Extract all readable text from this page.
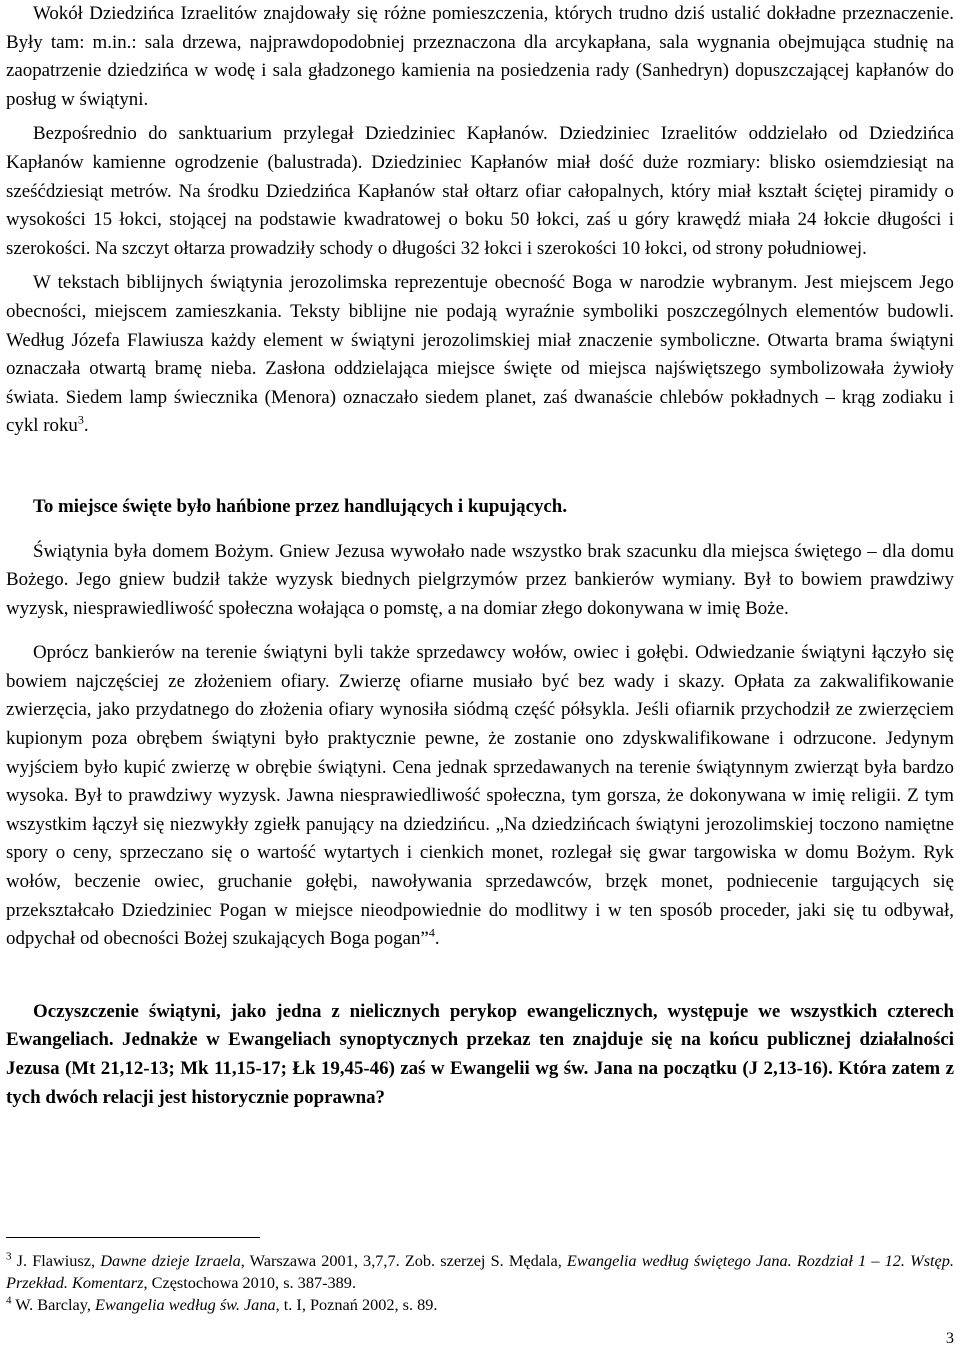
Wokół Dziedzińca Izraelitów znajdowały się różne pomieszczenia, których trudno dziś ustalić dokładne przeznaczenie. Były tam: m.in.: sala drzewa, najprawdopodobniej przeznaczona dla arcykapłana, sala wygnania obejmująca studnię na zaopatrzenie dziedzińca w wodę i sala gładzonego kamienia na posiedzenia rady (Sanhedryn) dopuszczającej kapłanów do posług w świątyni.

Bezpośrednio do sanktuarium przylegał Dziedziniec Kapłanów. Dziedziniec Izraelitów oddzielało od Dziedzińca Kapłanów kamienne ogrodzenie (balustrada). Dziedziniec Kapłanów miał dość duże rozmiary: blisko osiemdziesiąt na sześćdziesiąt metrów. Na środku Dziedzińca Kapłanów stał ołtarz ofiar całopalnych, który miał kształt ściętej piramidy o wysokości 15 łokci, stojącej na podstawie kwadratowej o boku 50 łokci, zaś u góry krawędź miała 24 łokcie długości i szerokości. Na szczyt ołtarza prowadziły schody o długości 32 łokci i szerokości 10 łokci, od strony południowej.

W tekstach biblijnych świątynia jerozolimska reprezentuje obecność Boga w narodzie wybranym. Jest miejscem Jego obecności, miejscem zamieszkania. Teksty biblijne nie podają wyraźnie symboliki poszczególnych elementów budowli. Według Józefa Flawiusza każdy element w świątyni jerozolimskiej miał znaczenie symboliczne. Otwarta brama świątyni oznaczała otwartą bramę nieba. Zasłona oddzielająca miejsce święte od miejsca najświętszego symbolizowała żywioły świata. Siedem lamp świecznika (Menora) oznaczało siedem planet, zaś dwanaście chlebów pokładnych – krąg zodiaku i cykl roku$^3$.

To miejsce święte było hańbione przez handlujących i kupujących.

Świątynia była domem Bożym. Gniew Jezusa wywołało nade wszystko brak szacunku dla miejsca świętego – dla domu Bożego. Jego gniew budził także wyzysk biednych pielgrzymów przez bankierów wymiany. Był to bowiem prawdziwy wyzysk, niesprawiedliwość społeczna wołająca o pomstę, a na domiar złego dokonywana w imię Boże.

Oprócz bankierów na terenie świątyni byli także sprzedawcy wołów, owiec i gołębi. Odwiedzanie świątyni łączyło się bowiem najczęściej ze złożeniem ofiary. Zwierzę ofiarne musiało być bez wady i skazy. Opłata za zakwalifikowanie zwierzęcia, jako przydatnego do złożenia ofiary wynosiła siódmą część półsykla. Jeśli ofiarnik przychodził ze zwierzęciem kupionym poza obrębem świątyni było praktycznie pewne, że zostanie ono zdyskwalifikowane i odrzucone. Jedynym wyjściem było kupić zwierzę w obrębie świątyni. Cena jednak sprzedawanych na terenie świątynnym zwierząt była bardzo wysoka. Był to prawdziwy wyzysk. Jawna niesprawiedliwość społeczna, tym gorsza, że dokonywana w imię religii. Z tym wszystkim łączył się niezwykły zgiełk panujący na dziedzińcu. „Na dziedzińcach świątyni jerozolimskiej toczono namiętne spory o ceny, sprzeczano się o wartość wytartych i cienkich monet, rozlegał się gwar targowiska w domu Bożym. Ryk wołów, beczenie owiec, gruchanie gołębi, nawoływania sprzedawców, brzęk monet, podniecenie targujących się przekształcało Dziedziniec Pogan w miejsce nieodpowiednie do modlitwy i w ten sposób proceder, jaki się tu odbywał, odpychał od obecności Bożej szukających Boga pogan”$^4$.

Oczyszczenie świątyni, jako jedna z nielicznych perykop ewangelicznych, występuje we wszystkich czterech Ewangeliach. Jednakże w Ewangeliach synoptycznych przekaz ten znajduje się na końcu publicznej działalności Jezusa (Mt 21,12-13; Mk 11,15-17; Łk 19,45-46) zaś w Ewangelii wg św. Jana na początku (J 2,13-16). Która zatem z tych dwóch relacji jest historycznie poprawna?

$^3$ J. Flawiusz, Dawne dzieje Izraela, Warszawa 2001, 3,7,7. Zob. szerzej S. Mędala, Ewangelia według świętego Jana. Rozdział 1 – 12. Wstęp. Przekład. Komentarz, Częstochowa 2010, s. 387-389.

$^4$ W. Barclay, Ewangelia według św. Jana, t. I, Poznań 2002, s. 89.

3
